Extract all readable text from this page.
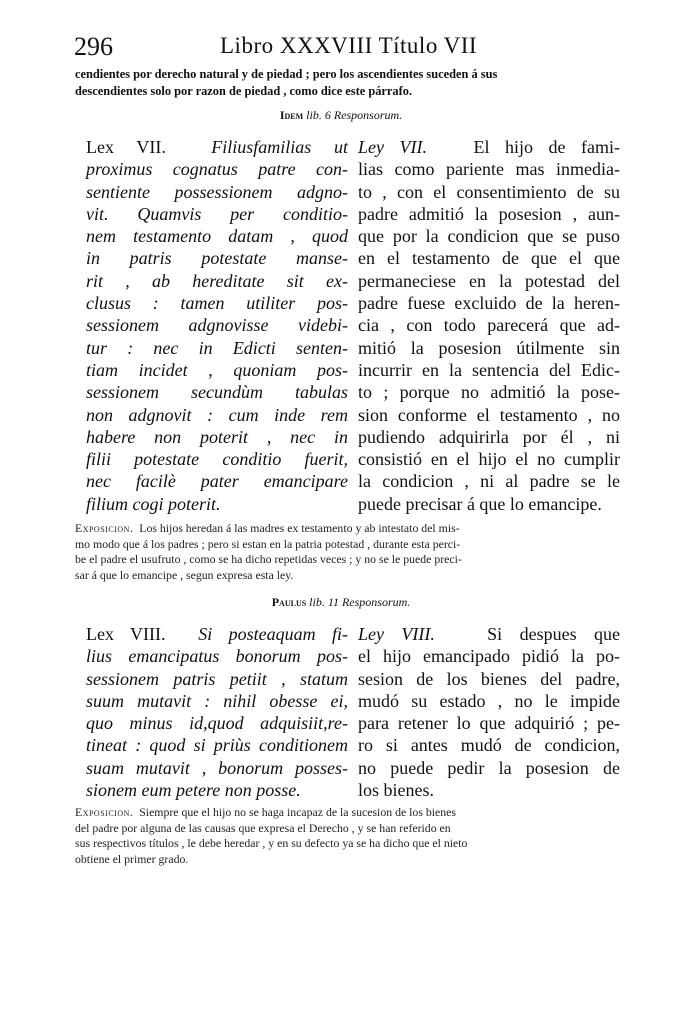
296	Libro XXXVIII Título VII
cendientes por derecho natural y de piedad ; pero los ascendientes suceden á sus
descendientes solo por razon de piedad , como dice este párrafo.
Idem lib. 6 Responsorum.
Lex VII.	Filiusfamilias ut
proximus cognatus patre con-
sentiente possessionem adgno-
vit. Quamvis per conditio-
nem testamento datam , quod
in patris potestate manse-
rit , ab hereditate sit ex-
clusus : tamen utiliter pos-
sessionem adgnovisse videbi-
tur : nec in Edicti senten-
tiam incidet , quoniam pos-
sessionem secundùm tabulas
non adgnovit : cum inde rem
habere non poterit , nec in
filii potestate conditio fuerit,
nec facilè pater emancipare
filium cogi poterit.
Ley VII.	El hijo de fami-
lias como pariente mas inmedia-
to , con el consentimiento de su
padre admitió la posesion , aun-
que por la condicion que se puso
en el testamento de que el que
permaneciese en la potestad del
padre fuese excluido de la heren-
cia , con todo parecerá que ad-
mitió la posesion útilmente sin
incurrir en la sentencia del Edic-
to ; porque no admitió la pose-
sion conforme el testamento , no
pudiendo adquirirla por él , ni
consistió en el hijo el no cumplir
la condicion , ni al padre se le
puede precisar á que lo emancipe.
Exposicion. Los hijos heredan á las madres ex testamento y ab intestato del mis-
mo modo que á los padres ; pero si estan en la patria potestad , durante esta perci-
be el padre el usufruto , como se ha dicho repetidas veces ; y no se le puede preci-
sar á que lo emancipe , segun expresa esta ley.
Paulus lib. 11 Responsorum.
Lex VIII. Si posteaquam fi-
lius emancipatus bonorum pos-
sessionem patris petiit , statum
suum mutavit : nihil obesse ei,
quo minus id,quod adquisiit,re-
tineat : quod si priùs conditionem
suam mutavit , bonorum posses-
sionem eum petere non posse.
Ley VIII.	Si despues que
el hijo emancipado pidió la po-
sesion de los bienes del padre,
mudó su estado , no le impide
para retener lo que adquirió ; pe-
ro si antes mudó de condicion,
no puede pedir la posesion de
los bienes.
Exposicion. Siempre que el hijo no se haga incapaz de la sucesion de los bienes
del padre por alguna de las causas que expresa el Derecho , y se han referido en
sus respectivos títulos , le debe heredar , y en su defecto ya se ha dicho que el nieto
obtiene el primer grado.
